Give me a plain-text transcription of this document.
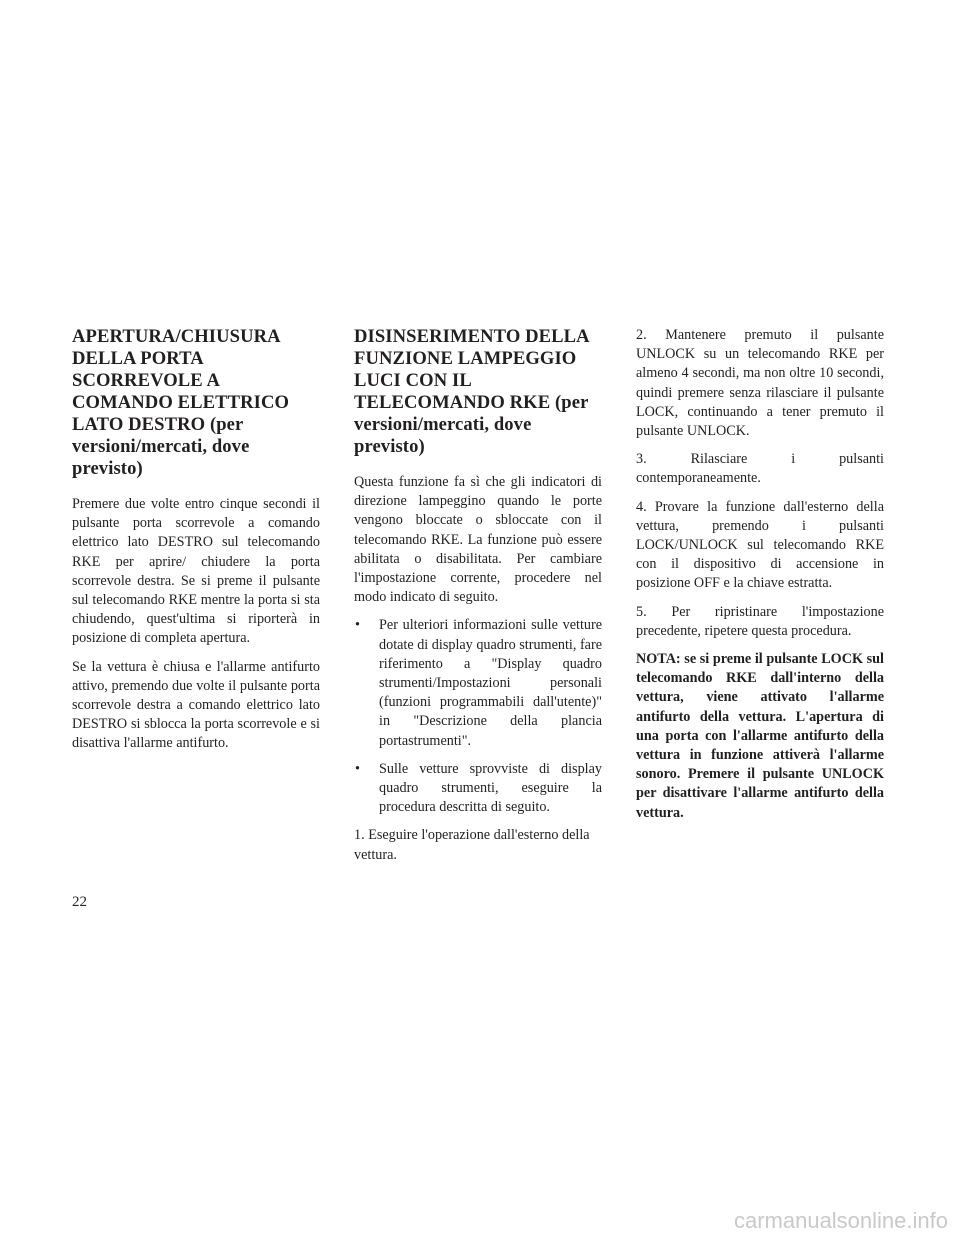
APERTURA/CHIUSURA DELLA PORTA SCORREVOLE A COMANDO ELETTRICO LATO DESTRO (per versioni/mercati, dove previsto)

Premere due volte entro cinque secondi il pulsante porta scorrevole a comando elettrico lato DESTRO sul telecomando RKE per aprire/ chiudere la porta scorrevole destra. Se si preme il pulsante sul telecomando RKE mentre la porta si sta chiudendo, quest'ultima si riporterà in posizione di completa apertura.

Se la vettura è chiusa e l'allarme antifurto attivo, premendo due volte il pulsante porta scorrevole destra a comando elettrico lato DESTRO si sblocca la porta scorrevole e si disattiva l'allarme antifurto.

DISINSERIMENTO DELLA FUNZIONE LAMPEGGIO LUCI CON IL TELECOMANDO RKE (per versioni/mercati, dove previsto)

Questa funzione fa sì che gli indicatori di direzione lampeggino quando le porte vengono bloccate o sbloccate con il telecomando RKE. La funzione può essere abilitata o disabilitata. Per cambiare l'impostazione corrente, procedere nel modo indicato di seguito.

• Per ulteriori informazioni sulle vetture dotate di display quadro strumenti, fare riferimento a "Display quadro strumenti/Impostazioni personali (funzioni programmabili dall'utente)" in "Descrizione della plancia portastrumenti".
• Sulle vetture sprovviste di display quadro strumenti, eseguire la procedura descritta di seguito.

1. Eseguire l'operazione dall'esterno della vettura.

2. Mantenere premuto il pulsante UNLOCK su un telecomando RKE per almeno 4 secondi, ma non oltre 10 secondi, quindi premere senza rilasciare il pulsante LOCK, continuando a tener premuto il pulsante UNLOCK.

3. Rilasciare i pulsanti contemporaneamente.

4. Provare la funzione dall'esterno della vettura, premendo i pulsanti LOCK/UNLOCK sul telecomando RKE con il dispositivo di accensione in posizione OFF e la chiave estratta.

5. Per ripristinare l'impostazione precedente, ripetere questa procedura.

NOTA: se si preme il pulsante LOCK sul telecomando RKE dall'interno della vettura, viene attivato l'allarme antifurto della vettura. L'apertura di una porta con l'allarme antifurto della vettura in funzione attiverà l'allarme sonoro. Premere il pulsante UNLOCK per disattivare l'allarme antifurto della vettura.

22
carmanualsonline.info
